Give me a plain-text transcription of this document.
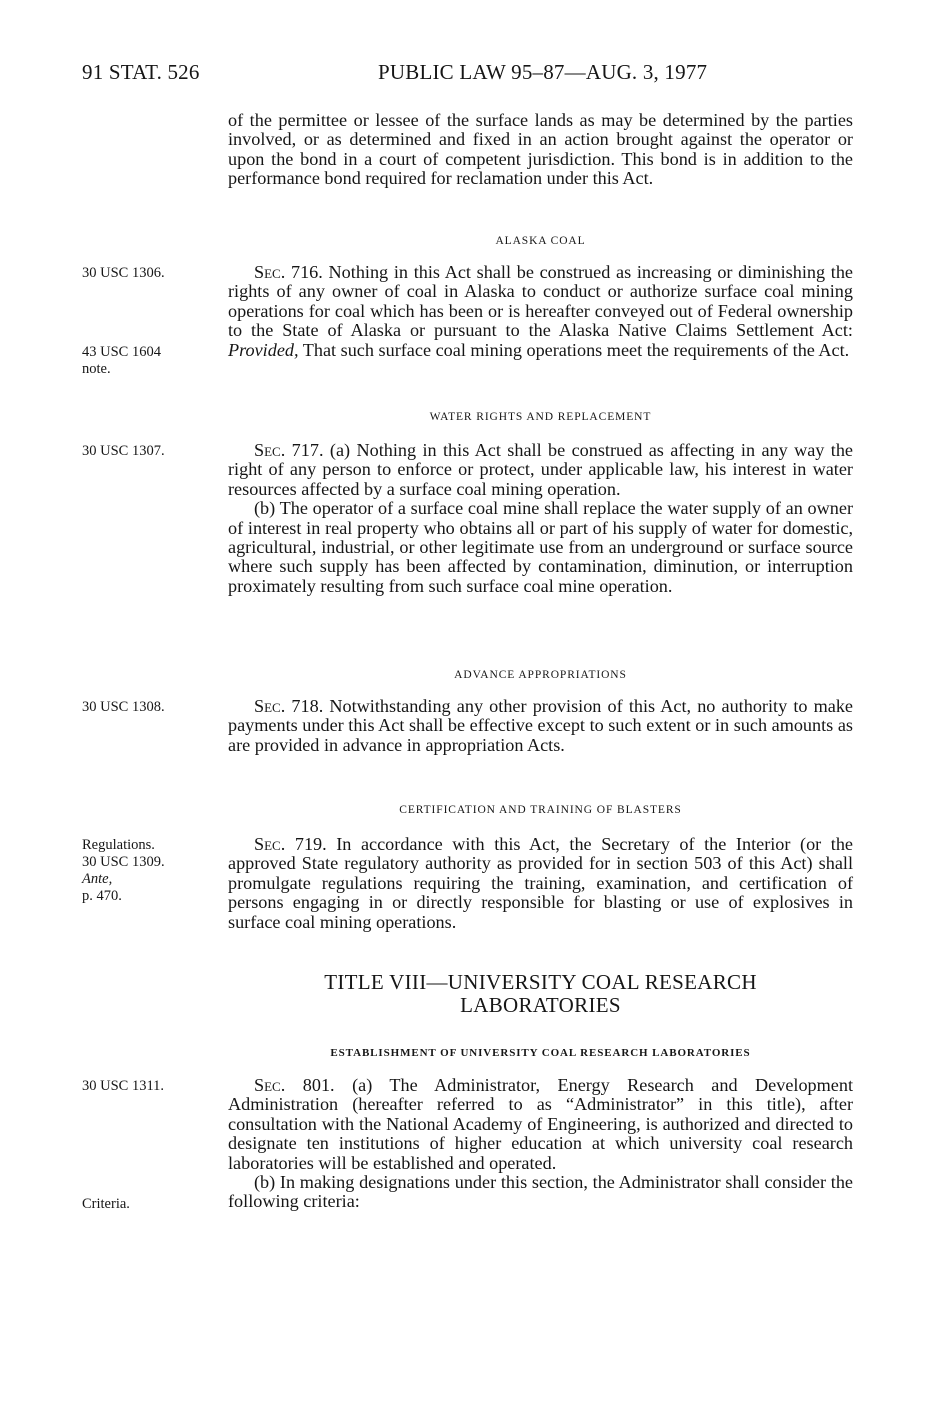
91 STAT. 526	PUBLIC LAW 95–87—AUG. 3, 1977

of the permittee or lessee of the surface lands as may be determined by the parties involved, or as determined and fixed in an action brought against the operator or upon the bond in a court of competent jurisdiction. This bond is in addition to the performance bond required for reclamation under this Act.

ALASKA COAL
30 USC 1306.
43 USC 1604
note.

Sec. 716. Nothing in this Act shall be construed as increasing or diminishing the rights of any owner of coal in Alaska to conduct or authorize surface coal mining operations for coal which has been or is hereafter conveyed out of Federal ownership to the State of Alaska or pursuant to the Alaska Native Claims Settlement Act: Provided, That such surface coal mining operations meet the requirements of the Act.

WATER RIGHTS AND REPLACEMENT
30 USC 1307.	Sec. 717. (a) Nothing in this Act shall be construed as affecting in any way the right of any person to enforce or protect, under applicable law, his interest in water resources affected by a surface coal mining operation.

(b) The operator of a surface coal mine shall replace the water supply of an owner of interest in real property who obtains all or part of his supply of water for domestic, agricultural, industrial, or other legitimate use from an underground or surface source where such supply has been affected by contamination, diminution, or interruption proximately resulting from such surface coal mine operation.

ADVANCE APPROPRIATIONS
30 USC 1308.	Sec. 718. Notwithstanding any other provision of this Act, no authority to make payments under this Act shall be effective except to such extent or in such amounts as are provided in advance in appropriation Acts.

CERTIFICATION AND TRAINING OF BLASTERS
Regulations.
30 USC 1309.
Ante,
p. 470.

Sec. 719. In accordance with this Act, the Secretary of the Interior (or the approved State regulatory authority as provided for in section 503 of this Act) shall promulgate regulations requiring the training, examination, and certification of persons engaging in or directly responsible for blasting or use of explosives in surface coal mining operations.

TITLE VIII—UNIVERSITY COAL RESEARCH
LABORATORIES
ESTABLISHMENT OF UNIVERSITY COAL RESEARCH LABORATORIES
30 USC 1311.
Criteria.

Sec. 801. (a) The Administrator, Energy Research and Development Administration (hereafter referred to as “Administrator” in this title), after consultation with the National Academy of Engineering, is authorized and directed to designate ten institutions of higher education at which university coal research laboratories will be established and operated.

(b) In making designations under this section, the Administrator shall consider the following criteria:
